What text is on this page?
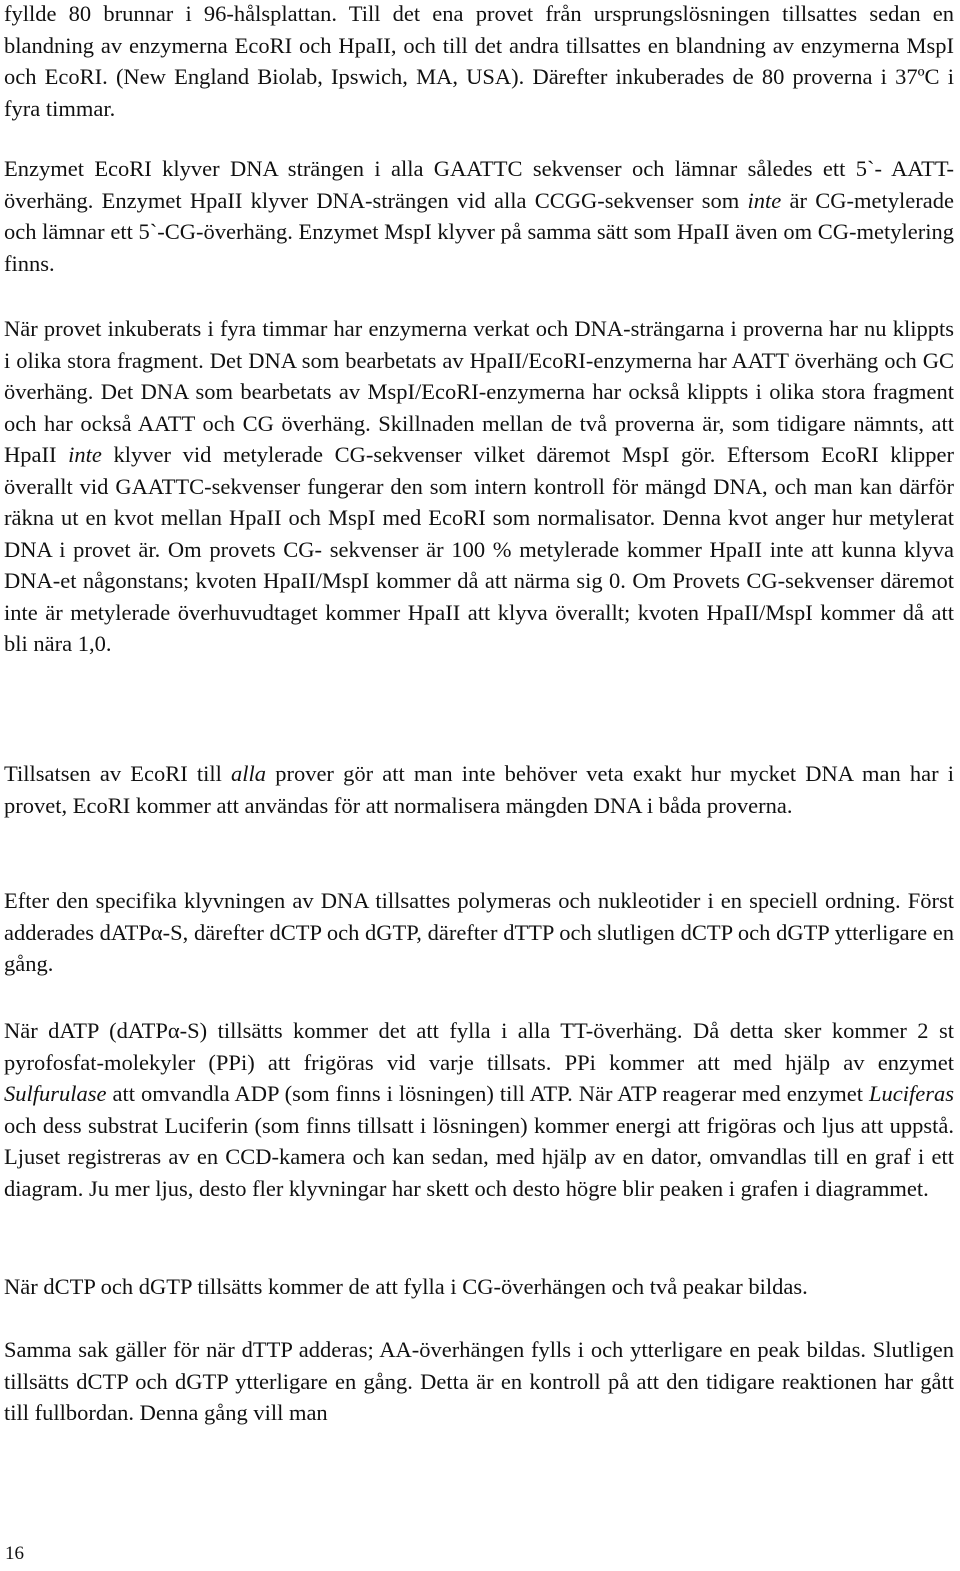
fyllde 80 brunnar i 96-hålsplattan. Till det ena provet från ursprungslösningen tillsattes sedan en blandning av enzymerna EcoRI och HpaII, och till det andra tillsattes en blandning av enzymerna MspI och EcoRI. (New England Biolab, Ipswich, MA, USA). Därefter inkuberades de 80 proverna i 37ºC i fyra timmar.

Enzymet EcoRI klyver DNA strängen i alla GAATTC sekvenser och lämnar således ett 5`- AATT-överhäng. Enzymet HpaII klyver DNA-strängen vid alla CCGG-sekvenser som inte är CG-metylerade och lämnar ett 5`-CG-överhäng. Enzymet MspI klyver på samma sätt som HpaII även om CG-metylering finns.

När provet inkuberats i fyra timmar har enzymerna verkat och DNA-strängarna i proverna har nu klippts i olika stora fragment. Det DNA som bearbetats av HpaII/EcoRI-enzymerna har AATT överhäng och GC överhäng. Det DNA som bearbetats av MspI/EcoRI-enzymerna har också klippts i olika stora fragment och har också AATT och CG överhäng. Skillnaden mellan de två proverna är, som tidigare nämnts, att HpaII inte klyver vid metylerade CG-sekvenser vilket däremot MspI gör. Eftersom EcoRI klipper överallt vid GAATTC-sekvenser fungerar den som intern kontroll för mängd DNA, och man kan därför räkna ut en kvot mellan HpaII och MspI med EcoRI som normalisator. Denna kvot anger hur metylerat DNA i provet är. Om provets CG- sekvenser är 100 % metylerade kommer HpaII inte att kunna klyva DNA-et någonstans; kvoten HpaII/MspI kommer då att närma sig 0. Om Provets CG-sekvenser däremot inte är metylerade överhuvudtaget kommer HpaII att klyva överallt; kvoten HpaII/MspI kommer då att bli nära 1,0.

Tillsatsen av EcoRI till alla prover gör att man inte behöver veta exakt hur mycket DNA man har i provet, EcoRI kommer att användas för att normalisera mängden DNA i båda proverna.

Efter den specifika klyvningen av DNA tillsattes polymeras och nukleotider i en speciell ordning. Först adderades dATPα-S, därefter dCTP och dGTP, därefter dTTP och slutligen dCTP och dGTP ytterligare en gång.

När dATP (dATPα-S) tillsätts kommer det att fylla i alla TT-överhäng. Då detta sker kommer 2 st pyrofosfat-molekyler (PPi) att frigöras vid varje tillsats. PPi kommer att med hjälp av enzymet Sulfurulase att omvandla ADP (som finns i lösningen) till ATP. När ATP reagerar med enzymet Luciferas och dess substrat Luciferin (som finns tillsatt i lösningen) kommer energi att frigöras och ljus att uppstå. Ljuset registreras av en CCD-kamera och kan sedan, med hjälp av en dator, omvandlas till en graf i ett diagram. Ju mer ljus, desto fler klyvningar har skett och desto högre blir peaken i grafen i diagrammet.

När dCTP och dGTP tillsätts kommer de att fylla i CG-överhängen och två peakar bildas.

Samma sak gäller för när dTTP adderas; AA-överhängen fylls i och ytterligare en peak bildas. Slutligen tillsätts dCTP och dGTP ytterligare en gång. Detta är en kontroll på att den tidigare reaktionen har gått till fullbordan. Denna gång vill man

16
